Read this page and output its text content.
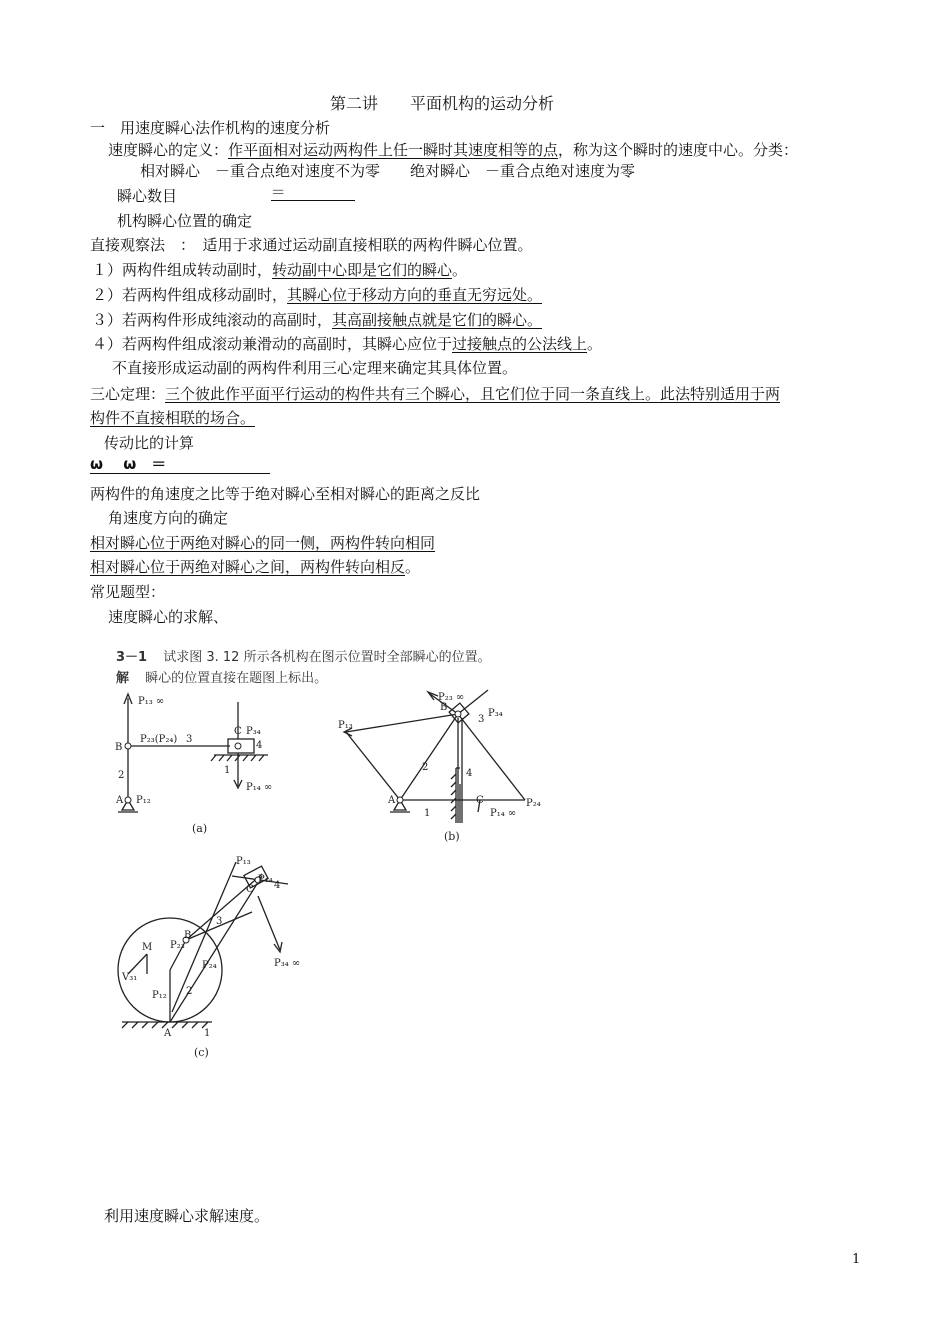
第二讲　　平面机构的运动分析
一　用速度瞬心法作机构的速度分析
速度瞬心的定义：作平面相对运动两构件上任一瞬时其速度相等的点，称为这个瞬时的速度中心。分类：
相对瞬心　－重合点绝对速度不为零　　绝对瞬心　－重合点绝对速度为零
瞬心数目	＝
机构瞬心位置的确定
直接观察法　：　适用于求通过运动副直接相联的两构件瞬心位置。
１）两构件组成转动副时，转动副中心即是它们的瞬心。
２）若两构件组成移动副时，其瞬心位于移动方向的垂直无穷远处。
３）若两构件形成纯滚动的高副时，其高副接触点就是它们的瞬心。
４）若两构件组成滚动兼滑动的高副时，其瞬心应位于过接触点的公法线上。
不直接形成运动副的两构件利用三心定理来确定其具体位置。
三心定理：三个彼此作平面平行运动的构件共有三个瞬心，且它们位于同一条直线上。此法特别适用于两
构件不直接相联的场合。
传动比的计算
ω　 ω　＝
两构件的角速度之比等于绝对瞬心至相对瞬心的距离之反比
角速度方向的确定
相对瞬心位于两绝对瞬心的同一侧，两构件转向相同
相对瞬心位于两绝对瞬心之间，两构件转向相反。
常见题型：
速度瞬心的求解、
3－1 试求图 3. 12 所示各机构在图示位置时全部瞬心的位置。
解 瞬心的位置直接在题图上标出。
P₁₃ ∞
B
P₂₃(P₂₄) 3
C P₃₄
4
2	1
P₁₄ ∞
A P₁₂
(a)
P₂₃ ∞
P₁₃
B
3
P₃₄
2
4
A
1
C	P₂₄
P₁₄ ∞
(b)
P₁₃
P₁₄
C 4
3
M
B
P₂₃
P₂₄
V₃₁
P₁₂ 2
P₃₄ ∞
A	1
(c)
利用速度瞬心求解速度。
1
